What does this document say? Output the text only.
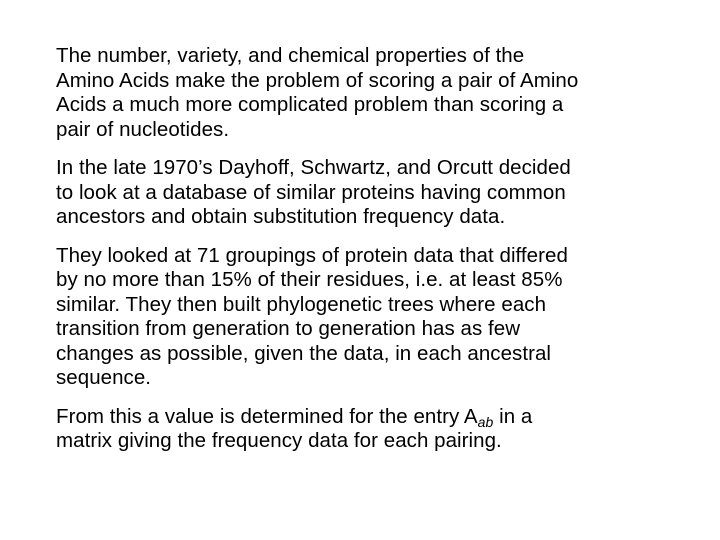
The number, variety, and chemical properties of the
Amino Acids make the problem of scoring a pair of Amino
Acids a much more complicated problem than scoring a
pair of nucleotides.

In the late 1970’s Dayhoff, Schwartz, and Orcutt decided
to look at a database of similar proteins having common
ancestors and obtain substitution frequency data.

They looked at 71 groupings of protein data that differed
by no more than 15% of their residues, i.e. at least 85%
similar. They then built phylogenetic trees where each
transition from generation to generation has as few
changes as possible, given the data, in each ancestral
sequence.

From this a value is determined for the entry $A_{ab}$ in a
matrix giving the frequency data for each pairing.
